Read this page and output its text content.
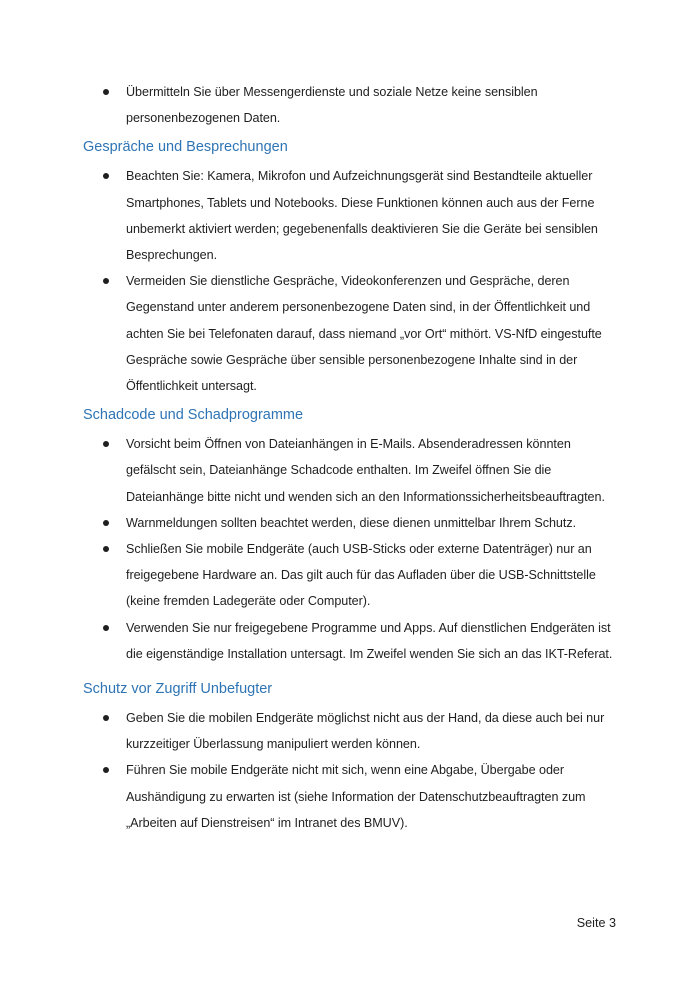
Übermitteln Sie über Messengerdienste und soziale Netze keine sensiblen personenbezogenen Daten.
Gespräche und Besprechungen
Beachten Sie: Kamera, Mikrofon und Aufzeichnungsgerät sind Bestandteile aktueller Smartphones, Tablets und Notebooks. Diese Funktionen können auch aus der Ferne unbemerkt aktiviert werden; gegebenenfalls deaktivieren Sie die Geräte bei sensiblen Besprechungen.
Vermeiden Sie dienstliche Gespräche, Videokonferenzen und Gespräche, deren Gegenstand unter anderem personenbezogene Daten sind, in der Öffentlichkeit und achten Sie bei Telefonaten darauf, dass niemand „vor Ort“ mithört. VS-NfD eingestufte Gespräche sowie Gespräche über sensible personenbezogene Inhalte sind in der Öffentlichkeit untersagt.
Schadcode und Schadprogramme
Vorsicht beim Öffnen von Dateianhängen in E-Mails. Absenderadressen könnten gefälscht sein, Dateianhänge Schadcode enthalten. Im Zweifel öffnen Sie die Dateianhänge bitte nicht und wenden sich an den Informationssicherheitsbeauftragten.
Warnmeldungen sollten beachtet werden, diese dienen unmittelbar Ihrem Schutz.
Schließen Sie mobile Endgeräte (auch USB-Sticks oder externe Datenträger) nur an freigegebene Hardware an. Das gilt auch für das Aufladen über die USB-Schnittstelle (keine fremden Ladegeräte oder Computer).
Verwenden Sie nur freigegebene Programme und Apps. Auf dienstlichen Endgeräten ist die eigenständige Installation untersagt. Im Zweifel wenden Sie sich an das IKT-Referat.
Schutz vor Zugriff Unbefugter
Geben Sie die mobilen Endgeräte möglichst nicht aus der Hand, da diese auch bei nur kurzzeitiger Überlassung manipuliert werden können.
Führen Sie mobile Endgeräte nicht mit sich, wenn eine Abgabe, Übergabe oder Aushändigung zu erwarten ist (siehe Information der Datenschutzbeauftragten zum „Arbeiten auf Dienstreisen“ im Intranet des BMUV).
Seite 3
